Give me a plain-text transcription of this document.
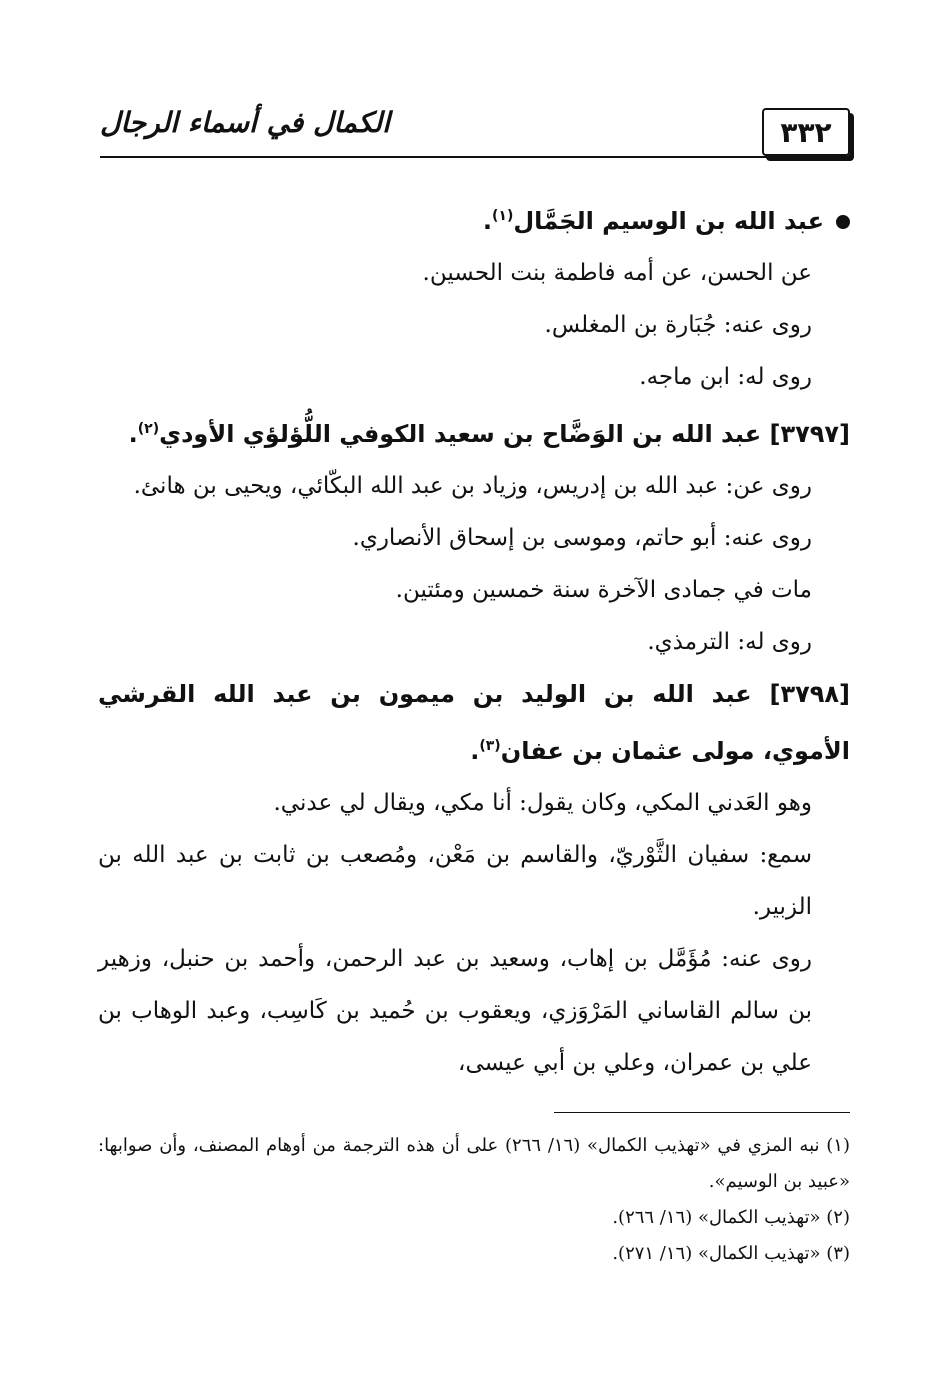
٣٣٢
الكمال في أسماء الرجال

عبد الله بن الوسيم الجَمَّال$^{(١)}$.

عن الحسن، عن أمه فاطمة بنت الحسين.

روى عنه: جُبَارة بن المغلس.

روى له: ابن ماجه.

[٣٧٩٧] عبد الله بن الوَضَّاح بن سعيد الكوفي اللُّؤلؤي الأودي$^{(٢)}$.

روى عن: عبد الله بن إدريس، وزياد بن عبد الله البكّائي، ويحيى بن هانئ.

روى عنه: أبو حاتم، وموسى بن إسحاق الأنصاري.

مات في جمادى الآخرة سنة خمسين ومئتين.

روى له: الترمذي.

[٣٧٩٨] عبد الله بن الوليد بن ميمون بن عبد الله القرشي الأموي، مولى عثمان بن عفان$^{(٣)}$.

وهو العَدني المكي، وكان يقول: أنا مكي، ويقال لي عدني.

سمع: سفيان الثَّوْريّ، والقاسم بن مَعْن، ومُصعب بن ثابت بن عبد الله بن الزبير.

روى عنه: مُؤَمَّل بن إهاب، وسعيد بن عبد الرحمن، وأحمد بن حنبل، وزهير بن سالم القاساني المَرْوَزي، ويعقوب بن حُميد بن كَاسِب، وعبد الوهاب بن علي بن عمران، وعلي بن أبي عيسى،

(١) نبه المزي في «تهذيب الكمال» (١٦/ ٢٦٦) على أن هذه الترجمة من أوهام المصنف، وأن صوابها: «عبيد بن الوسيم».

(٢) «تهذيب الكمال» (١٦/ ٢٦٦).

(٣) «تهذيب الكمال» (١٦/ ٢٧١).
